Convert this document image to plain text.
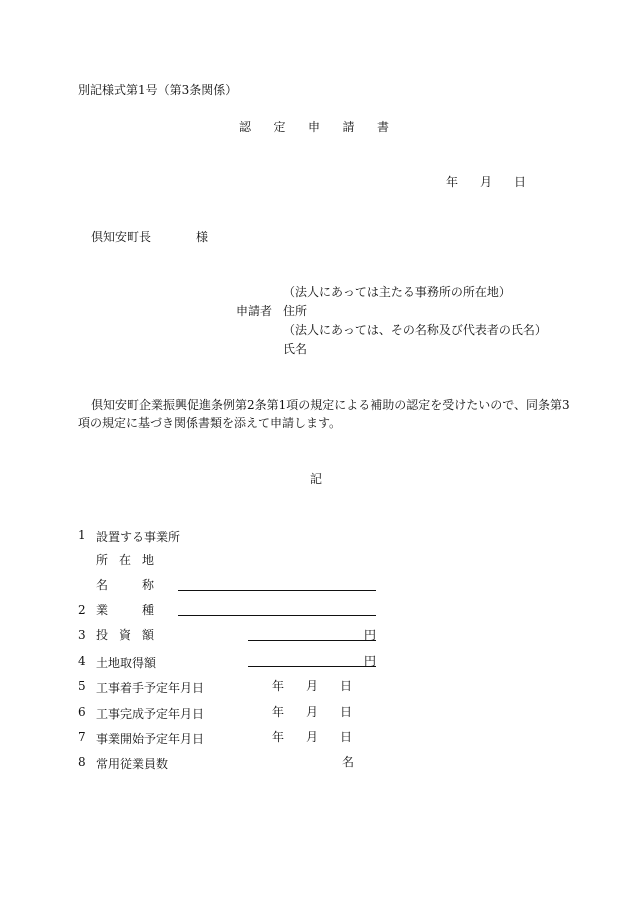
別記様式第1号（第3条関係）
認 定 申 請 書
年 月 日
倶知安町長	様
（法人にあっては主たる事務所の所在地）
申請者 住所
（法人にあっては、その名称及び代表者の氏名）
氏名
倶知安町企業振興促進条例第2条第1項の規定による補助の認定を受けたいので、同条第3
項の規定に基づき関係書類を添えて申請します。
記
1 設置する事業所
所 在 地
名	称
2 業	種
3 投 資 額	円
4 土地取得額	円
5 工事着手予定年月日	年 月 日
6 工事完成予定年月日	年 月 日
7 事業開始予定年月日	年 月 日
8 常用従業員数	名
